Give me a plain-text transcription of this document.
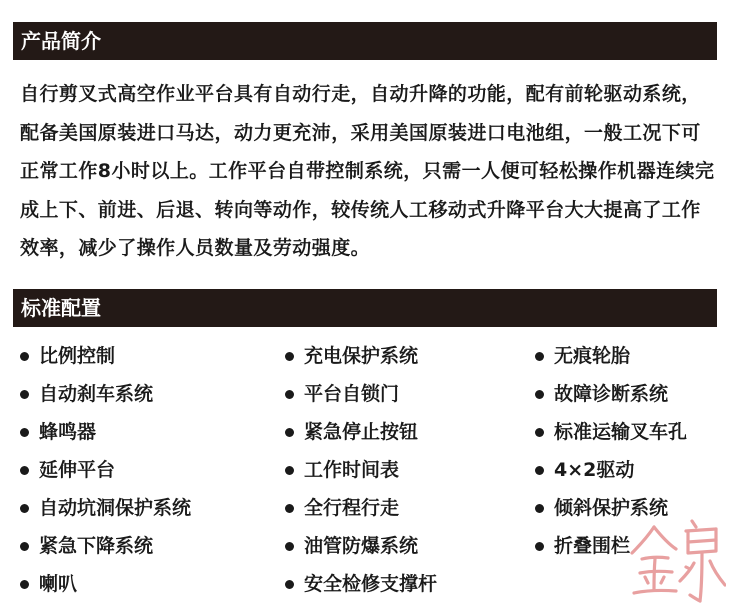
产品简介

自行剪叉式高空作业平台具有自动行走，自动升降的功能，配有前轮驱动系统，配备美国原装进口马达，动力更充沛，采用美国原装进口电池组，一般工况下可正常工作8小时以上。工作平台自带控制系统，只需一人便可轻松操作机器连续完成上下、前进、后退、转向等动作，较传统人工移动式升降平台大大提高了工作效率，减少了操作人员数量及劳动强度。

标准配置
比例控制
自动刹车系统
蜂鸣器
延伸平台
自动坑洞保护系统
紧急下降系统
喇叭
充电保护系统
平台自锁门
紧急停止按钮
工作时间表
全行程行走
油管防爆系统
安全检修支撑杆
无痕轮胎
故障诊断系统
标准运输叉车孔
4×2驱动
倾斜保护系统
折叠围栏
